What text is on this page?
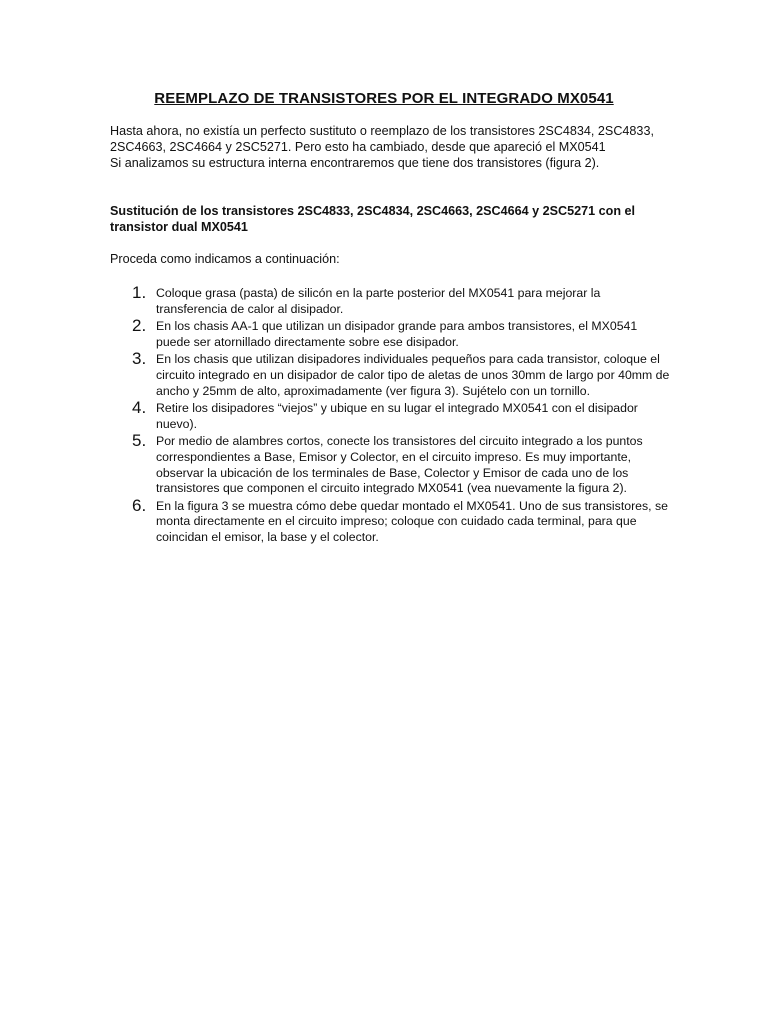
REEMPLAZO DE TRANSISTORES POR EL INTEGRADO MX0541

Hasta ahora, no existía un perfecto sustituto o reemplazo de los transistores 2SC4834, 2SC4833, 2SC4663, 2SC4664 y 2SC5271. Pero esto ha cambiado, desde que apareció el MX0541

Si analizamos su estructura interna encontraremos que tiene dos transistores (figura 2).

Sustitución de los transistores 2SC4833, 2SC4834, 2SC4663, 2SC4664 y 2SC5271 con el transistor dual MX0541

Proceda como indicamos a continuación:

1. Coloque grasa (pasta) de silicón en la parte posterior del MX0541 para mejorar la transferencia de calor al disipador.
2. En los chasis AA-1 que utilizan un disipador grande para ambos transistores, el MX0541 puede ser atornillado directamente sobre ese disipador.
3. En los chasis que utilizan disipadores individuales pequeños para cada transistor, coloque el circuito integrado en un disipador de calor tipo de aletas de unos 30mm de largo por 40mm de ancho y 25mm de alto, aproximadamente (ver figura 3). Sujételo con un tornillo.
4. Retire los disipadores “viejos” y ubique en su lugar el integrado MX0541 con el disipador nuevo).
5. Por medio de alambres cortos, conecte los transistores del circuito integrado a los puntos correspondientes a Base, Emisor y Colector, en el circuito impreso. Es muy importante, observar la ubicación de los terminales de Base, Colector y Emisor de cada uno de los transistores que componen el circuito integrado MX0541 (vea nuevamente la figura 2).
6. En la figura 3 se muestra cómo debe quedar montado el MX0541. Uno de sus transistores, se monta directamente en el circuito impreso; coloque con cuidado cada terminal, para que coincidan el emisor, la base y el colector.
